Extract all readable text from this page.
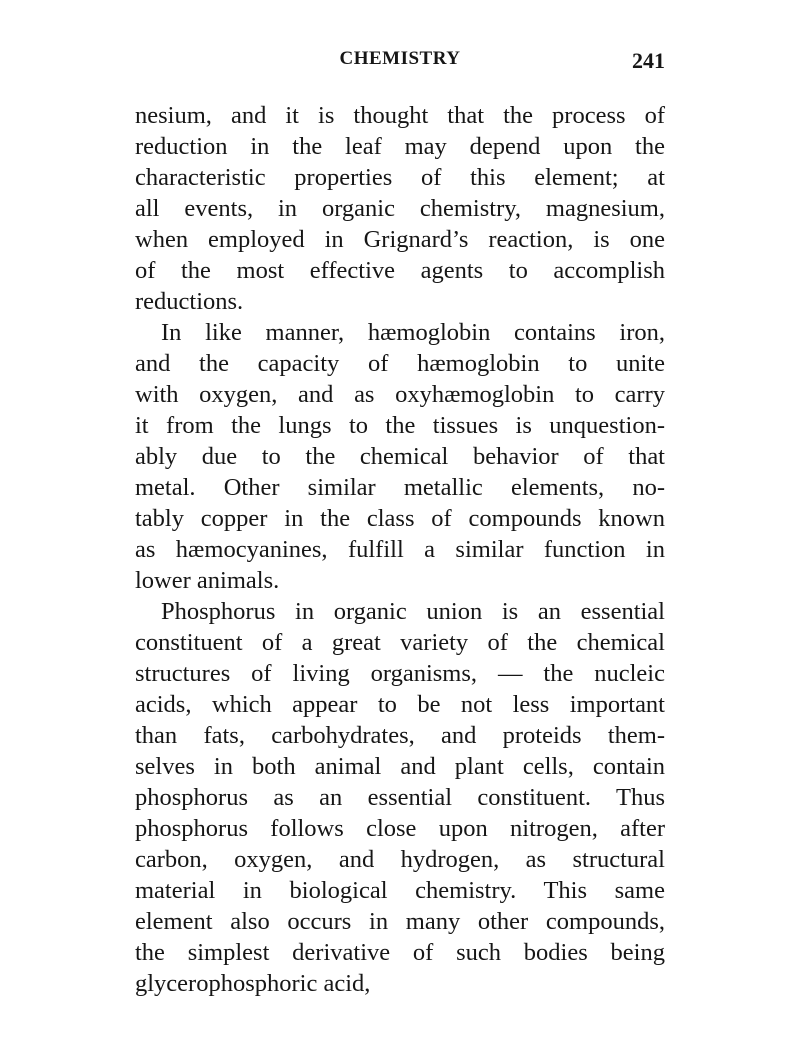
CHEMISTRY	241
nesium, and it is thought that the process of
reduction in the leaf may depend upon the
characteristic properties of this element; at
all events, in organic chemistry, magnesium,
when employed in Grignard’s reaction, is one
of the most effective agents to accomplish
reductions.
In like manner, hæmoglobin contains iron,
and the capacity of hæmoglobin to unite
with oxygen, and as oxyhæmoglobin to carry
it from the lungs to the tissues is unquestion-
ably due to the chemical behavior of that
metal. Other similar metallic elements, no-
tably copper in the class of compounds known
as hæmocyanines, fulfill a similar function in
lower animals.
Phosphorus in organic union is an essential
constituent of a great variety of the chemical
structures of living organisms, — the nucleic
acids, which appear to be not less important
than fats, carbohydrates, and proteids them-
selves in both animal and plant cells, contain
phosphorus as an essential constituent. Thus
phosphorus follows close upon nitrogen, after
carbon, oxygen, and hydrogen, as structural
material in biological chemistry. This same
element also occurs in many other compounds,
the simplest derivative of such bodies being
glycerophosphoric acid,
